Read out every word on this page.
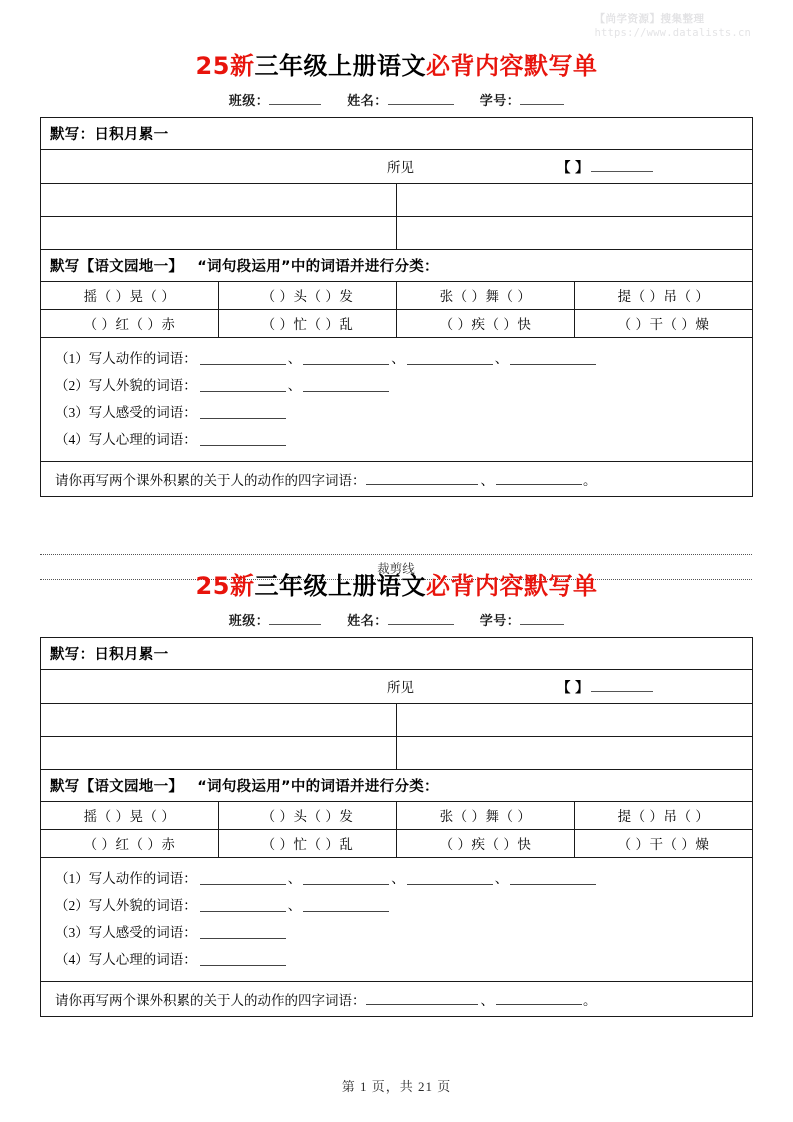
【尚学资源】搜集整理
https://www.datalists.cn
25新三年级上册语文必背内容默写单
班级：	姓名：	学号：
默写：日积月累一			

所见 【 】			

默写【语文园地一】 “词句段运用”中的词语并进行分类：			
摇（ ）晃（ ）	（ ）头（ ）发	张（ ）舞（ ）	提（ ）吊（ ）
（ ）红（ ）赤	（ ）忙（ ）乱	（ ）疾（ ）快	（ ）干（ ）燥

（1）写人动作的词语：	、	、	、
（2）写人外貌的词语：	、
（3）写人感受的词语：
（4）写人心理的词语：

请你再写两个课外积累的关于人的动作的四字词语： 、 。			
裁剪线
25新三年级上册语文必背内容默写单
班级：	姓名：	学号：
默写：日积月累一			

所见 【 】			

默写【语文园地一】 “词句段运用”中的词语并进行分类：			
摇（ ）晃（ ）	（ ）头（ ）发	张（ ）舞（ ）	提（ ）吊（ ）
（ ）红（ ）赤	（ ）忙（ ）乱	（ ）疾（ ）快	（ ）干（ ）燥

（1）写人动作的词语：	、	、	、
（2）写人外貌的词语：	、
（3）写人感受的词语：
（4）写人心理的词语：

请你再写两个课外积累的关于人的动作的四字词语： 、 。			
第 1 页，共 21 页
